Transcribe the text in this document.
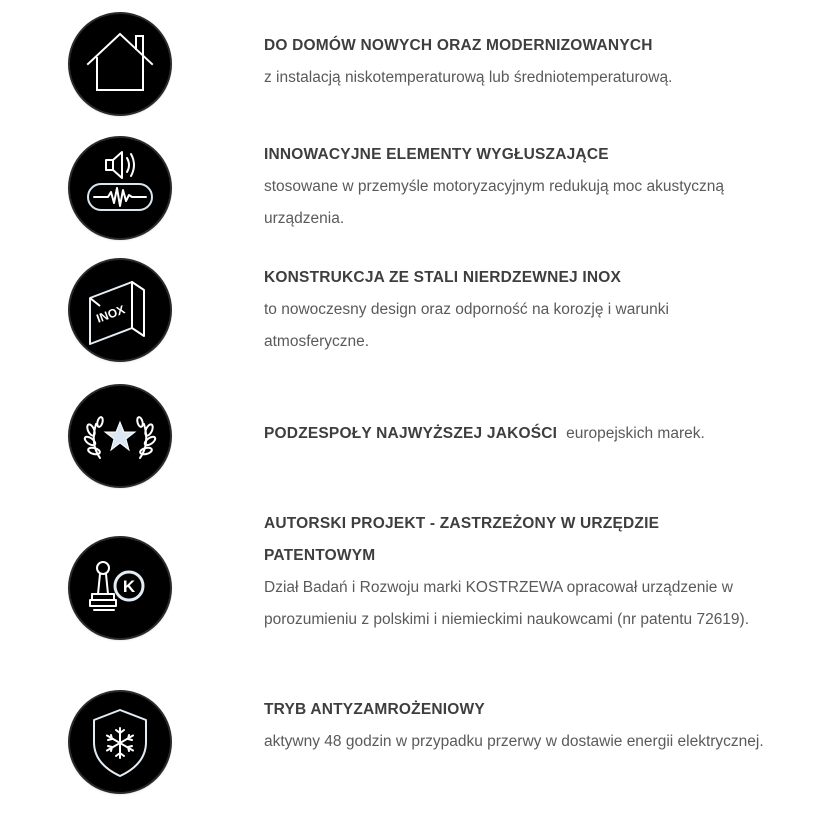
DO DOMÓW NOWYCH ORAZ MODERNIZOWANYCH
z instalacją niskotemperaturową lub średniotemperaturową.
INNOWACYJNE ELEMENTY WYGŁUSZAJĄCE
stosowane w przemyśle motoryzacyjnym redukują moc akustyczną urządzenia.
INOX
KONSTRUKCJA ZE STALI NIERDZEWNEJ INOX
to nowoczesny design oraz odporność na korozję i warunki atmosferyczne.
PODZESPOŁY NAJWYŻSZEJ JAKOŚCI europejskich marek.
K
AUTORSKI PROJEKT - ZASTRZEŻONY W URZĘDZIE PATENTOWYM
Dział Badań i Rozwoju marki KOSTRZEWA opracował urządzenie w porozumieniu z polskimi i niemieckimi naukowcami (nr patentu 72619).
TRYB ANTYZAMROŻENIOWY
aktywny 48 godzin w przypadku przerwy w dostawie energii elektrycznej.
